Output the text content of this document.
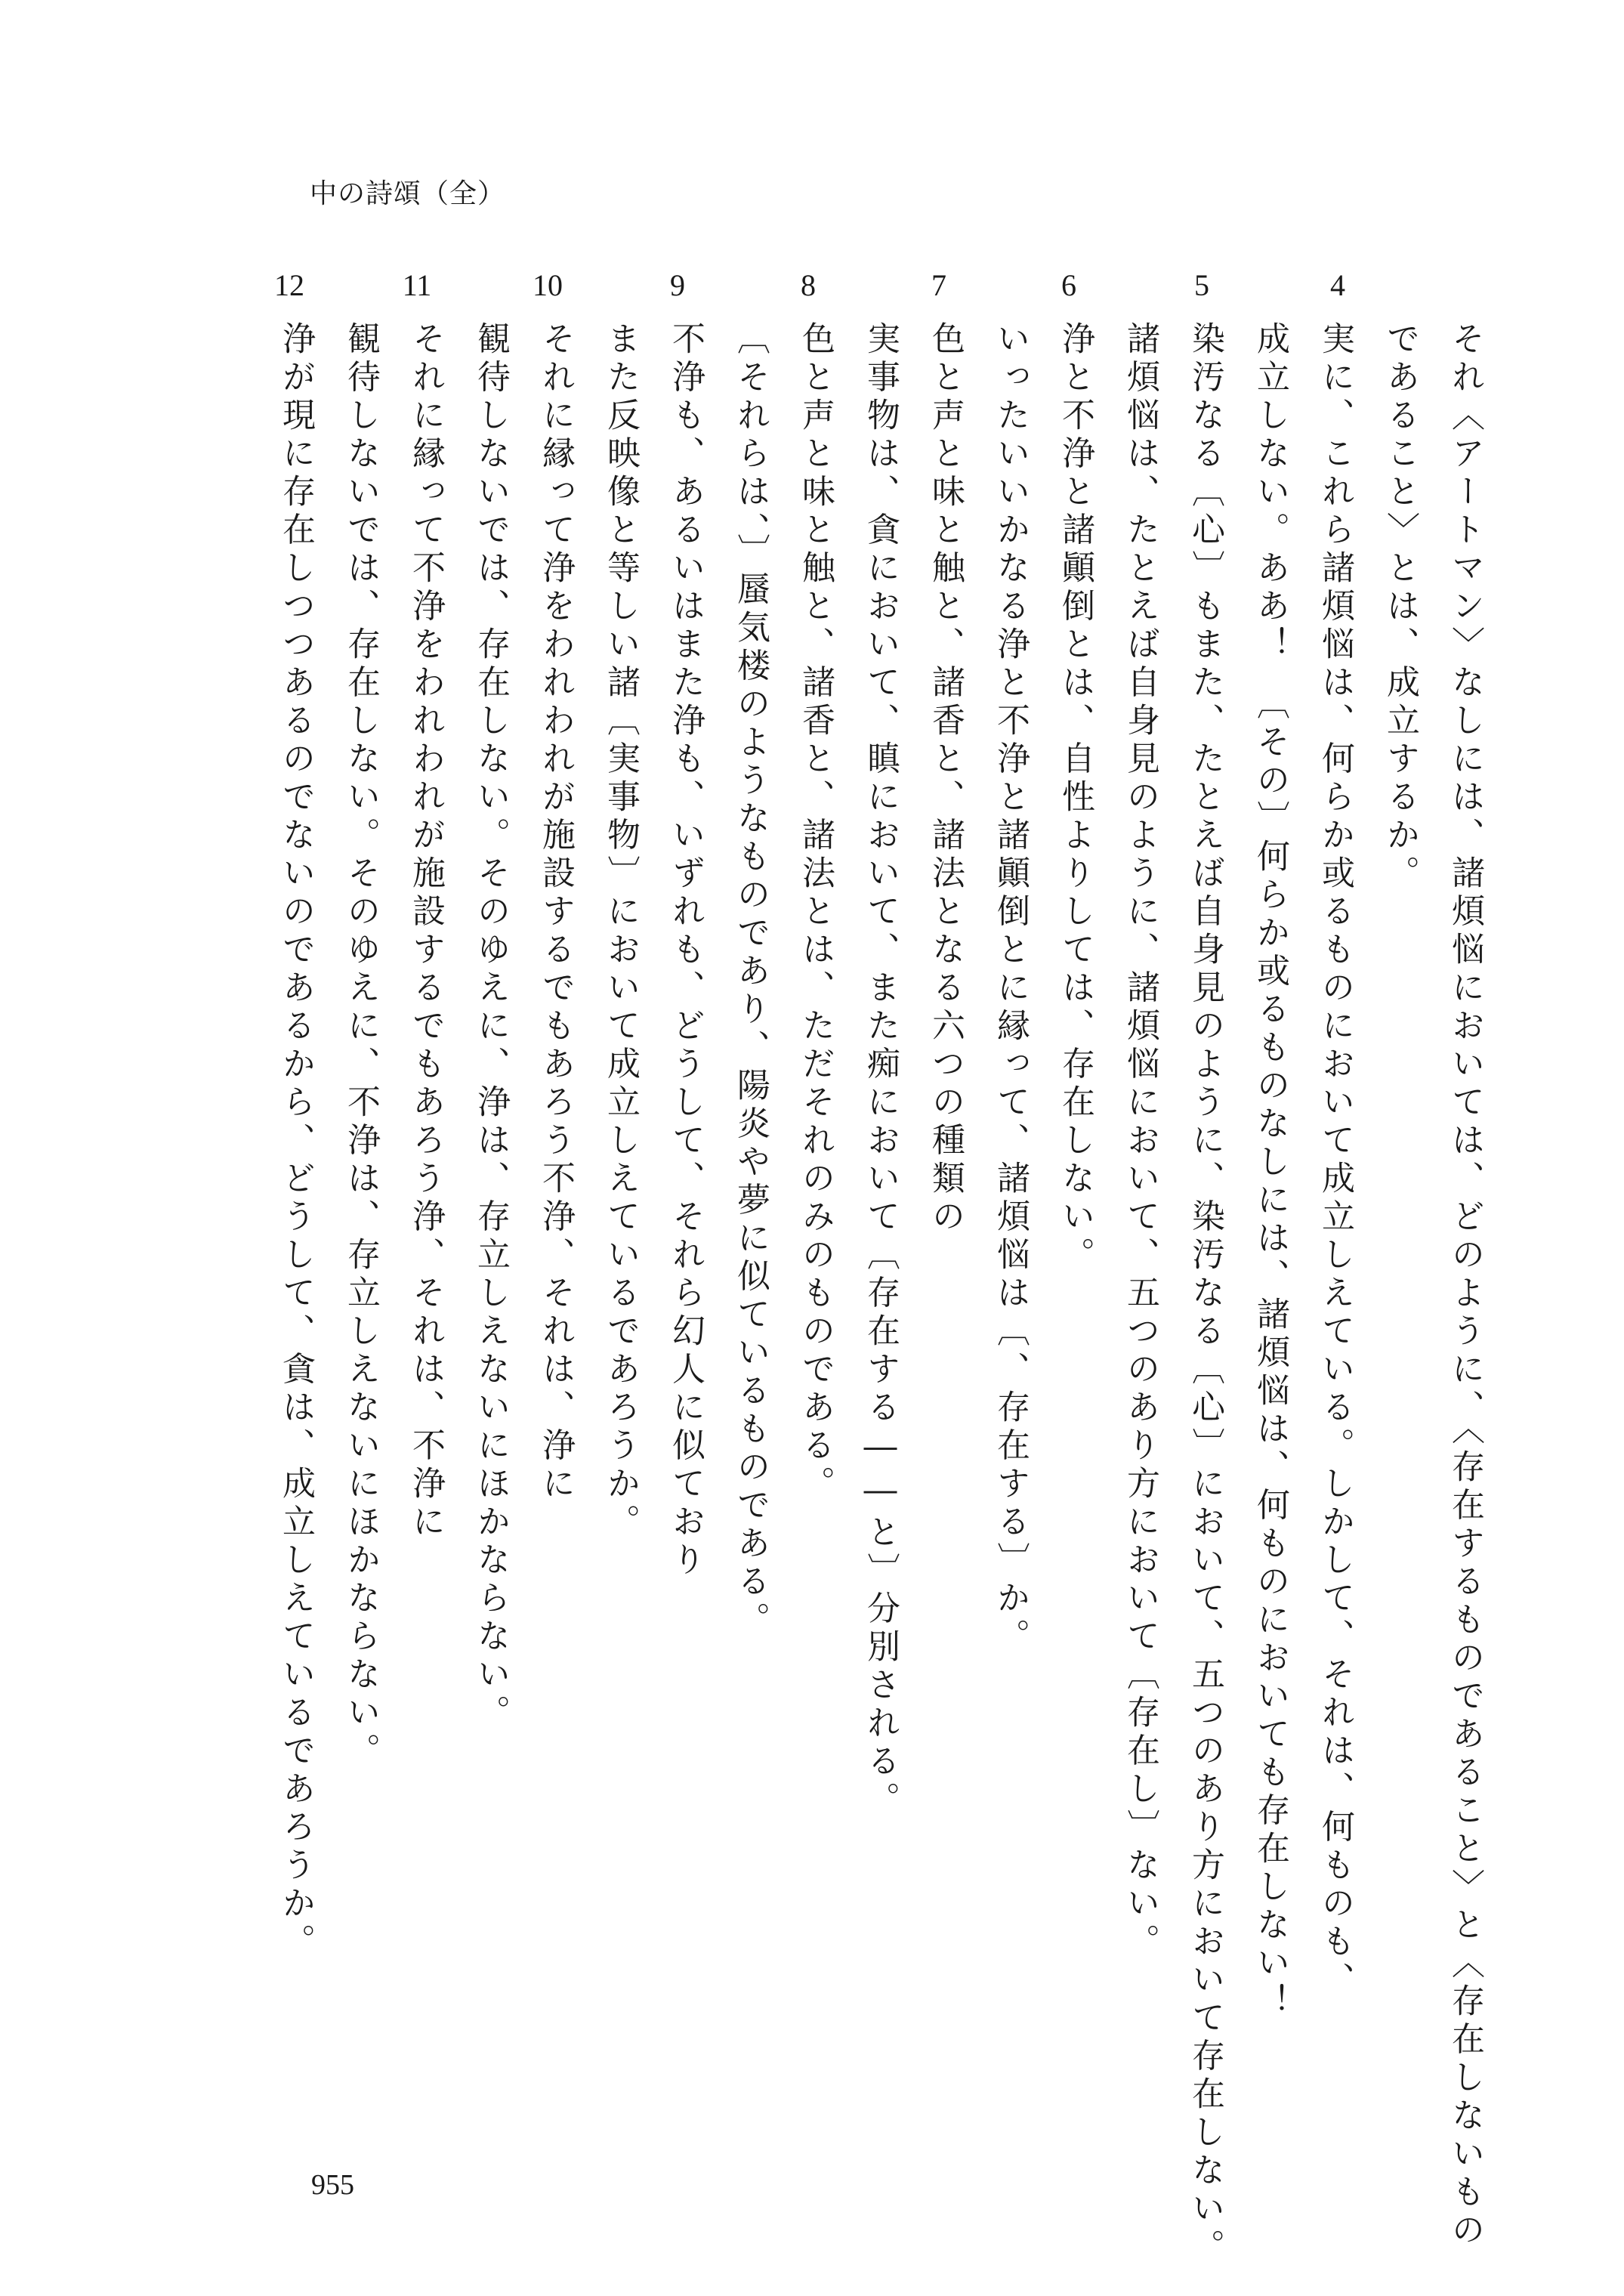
中の詩頌（全）
4
5
6
7
8
9
10
11
12
それ〈アートマン〉なしには、諸煩悩においては、どのように、〈存在するものであること〉と〈存在しないもの
であること〉とは、成立するか。
実に、これら諸煩悩は、何らか或るものにおいて成立しえている。しかして、それは、何ものも、
成立しない。ああ！　〔その〕何らか或るものなしには、諸煩悩は、何ものにおいても存在しない！
染汚なる〔心〕もまた、たとえば自身見のように、染汚なる〔心〕において、五つのあり方において存在しない。
諸煩悩は、たとえば自身見のように、諸煩悩において、五つのあり方において〔存在し〕ない。
浄と不浄と諸顚倒とは、自性よりしては、存在しない。
いったいいかなる浄と不浄と諸顚倒とに縁って、諸煩悩は〔、存在する〕か。
色と声と味と触と、諸香と、諸法となる六つの種類の
実事物は、貪において、瞋において、また痴において〔存在する――と〕分別される。
色と声と味と触と、諸香と、諸法とは、ただそれのみのものである。
〔それらは、〕蜃気楼のようなものであり、陽炎や夢に似ているものである。
不浄も、あるいはまた浄も、いずれも、どうして、それら幻人に似ており
また反映像と等しい諸〔実事物〕において成立しえているであろうか。
それに縁って浄をわれわれが施設するでもあろう不浄、それは、浄に
観待しないでは、存在しない。そのゆえに、浄は、存立しえないにほかならない。
それに縁って不浄をわれわれが施設するでもあろう浄、それは、不浄に
観待しないでは、存在しない。そのゆえに、不浄は、存立しえないにほかならない。
浄が現に存在しつつあるのでないのであるから、どうして、貪は、成立しえているであろうか。
955
